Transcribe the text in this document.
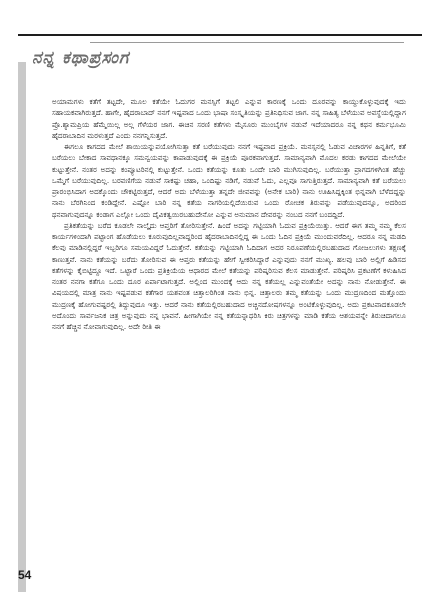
ನನ್ನ ಕಥಾಪ್ರಸಂಗ

ಅಯಾಮಗಳು ಕತೆಗೆ ತಟ್ಟದೇ, ಮೂಲ ಕತೆಯೇ ಓದುಗರ ಮನಸ್ಸಿಗೆ ತಟ್ಟಲಿ ಎನ್ನುವ ಕಾರಣಕ್ಕೆ ಒಂದು ದೂರವನ್ನು ಕಾಯ್ದುಕೊಳ್ಳುವುದಕ್ಕೆ ಇದು ಸಹಾಯಕವಾಗಿರುತ್ತದೆ. ಹಾಗೇ, ಹೈದರಾಬಾದ್ ನನಗೆ ಇಷ್ಟವಾದ ಒಂದು ಭಾಷಾ ಸಂಸ್ಕೃತಿಯನ್ನು ಪ್ರತಿನಿಧಿಸುವ ಜಾಗ. ನನ್ನ ಸಾಹಿತ್ಯ ಬೆಳೆಯುವ ಅವಸ್ಥೆಯಲ್ಲಿದ್ದಾಗ ಪ್ರೊ.ಶ್ಯಾಮಪ್ರಿಯ ಹೆಮ್ಮೆಯಿಲ್ಲ ಅಲ್ಲ ಗೆಳೆಯರ ಜಾಗ. ಈಚಿನ ಸರಣಿ ಕತೆಗಳು ಮೈಸೂರು ಮುಂಬೈಗಳ ನಡುವೆ ಇದೆಯಾದರೂ ನನ್ನ ಕಥನ ಕರ್ಮಭೂಮಿ ಹೈದರಾಬಾದಿನ ಮರಳುತ್ತದೆ ಎಂದು ನನಗನ್ನಿಸುತ್ತದೆ.

ಈಗಲೂ ಕಾಗದದ ಮೇಲೆ ಶಾಯಿಯನ್ನುಪಯೋಗಿಸುತ್ತಾ ಕತೆ ಬರೆಯುವುದು ನನಗೆ ಇಷ್ಟವಾದ ಪ್ರಕ್ರಿಯೆ. ಮನಸ್ಸನಲ್ಲಿ ಓಡುವ ವಿಚಾರಗಳ ಹಿನ್ನತಿಗೆ, ಕತೆ ಬರೆಯಲು ಬೇಕಾದ ಸಾವಧಾನಕ್ಕೂ ಸಮನ್ವಯವನ್ನು ಕಾಪಾಡುವುದಕ್ಕೆ ಈ ಪ್ರಕ್ರಿಯೆ ಪೂರಕವಾಗುತ್ತದೆ. ಸಾಮಾನ್ಯವಾಗಿ ಮೊದಲ ಕರಡು ಕಾಗದದ ಮೇಲೆಯೇ ಕುಟ್ಟುತ್ತೇನೆ. ನಂತರ ಅದನ್ನು ಕಂಪ್ಯೂಟರಿನಲ್ಲಿ ಕುಟ್ಟುತ್ತೇನೆ. ಒಂದು ಕತೆಯನ್ನು ಕೂತು ಒಂದೇ ಬಾರಿ ಮುಗಿಸುವುದಿಲ್ಲ. ಬರೆಯುತ್ತಾ ಪ್ರಾಗದಗಳಿಗಿಂತ ಹೆಚ್ಚು ಒಮ್ಮೆಗೆ ಬರೆಯುವುದಿಲ್ಲ. ಬರವಣಿಗೆಯ ನಡುವೆ ಸಾಕಷ್ಟು ಚಹಾ, ಒಂದಿಷ್ಟು ನಡಿಗೆ, ನಡುವೆ ಓದು, ಎಲ್ಲವೂ ಸಾಗುತ್ತಿರುತ್ತದೆ. ಸಾಮಾನ್ಯವಾಗಿ ಕತೆ ಬರೆಯಲು ಪ್ರಾರಂಭಿಸಿದಾಗ ಅದಕ್ಕೊಂದು ಚೌಕಟ್ಟಿರುತ್ತದೆ, ಆದರೆ ಅದು ಬೆಳೆಯುತ್ತಾ ತನ್ನದೇ ಜೀವವನ್ನು (ಅನೇಕ ಬಾರಿ) ನಾನು ಊಹಿಸಿದ್ದಕ್ಕಿಂತ ಭಿನ್ನವಾಗಿ ಬೆಳೆದದ್ದನ್ನು ನಾನು ಬೆರಗಿನಿಂದ ಕಂಡಿದ್ದೇನೆ. ಎಷ್ಟೋ ಬಾರಿ ನನ್ನ ಕತೆಯ ನಾಗರಿಯಲ್ಲಿದೆಯಿರುವ ಒಂದು ರೋಚಕ ತಿರುವನ್ನು ಪಡೆಯುವುದನ್ನೂ, ಅದರಿಂದ ಥನವಾಗುವುದನ್ನೂ ಕಂಡಾಗ ಎಲ್ಲೋ ಒಂದು ದೈವಿಕತ್ವಯಿರಬಹುದೇನೋ ಎನ್ನುವ ಅನುಮಾನ ದೇವರನ್ನು ನಂಬದ ನನಗೆ ಬಂದದ್ದಿದೆ.

ಪ್ರತಿಕತೆಯನ್ನು ಬರೆದ ಕೂಡಲೇ ನಾಲ್ಕೈದು ಆಪ್ತರಿಗೆ ತೋರಿಸುತ್ತೇನೆ. ಹಿಂದೆ ಅದನ್ನು ಗಟ್ಟಿಯಾಗಿ ಓದುವ ಪ್ರಕ್ರಿಯೆಯಿತ್ತು. ಆದರೆ ಈಗ ತಮ್ಮ ನಮ್ಮ ಕೆಲಸ ಕಾರ್ಯಗಳಿಂದಾಗಿ ಪಟ್ಟಾಂಗ ಹೊಡೆಯಲು ಕೂರುವುದಿಲ್ಲವಾದ್ದರಿಂದ ಹೈದರಾಬಾದಿನಲ್ಲಿದ್ದ ಈ ಒಂದು ಓದಿನ ಪ್ರಕ್ರಿಯೆ ಮುಂದುವರೆದಿಲ್ಲ. ಆದರೂ ನನ್ನ ಮಡದಿ ಕೆಲವು ಮಾಡಿನಲ್ಲಿದ್ದರೆ ಇಬ್ಬರಿಗೂ ಸಮಯವಿದ್ದರೆ ಓದುತ್ತೇನೆ. ಕತೆಯನ್ನು ಗಟ್ಟಿಯಾಗಿ ಓದಿದಾಗ ಅದರ ನಿರೂಪಣೆಯಲ್ಲಿರಬಹುದಾದ ಗೋಜಲುಗಳು ತಕ್ಷಣಕ್ಕೆ ಕಾಣುತ್ತವೆ. ನಾನು ಕತೆಯನ್ನು ಬರೆದು ತೋರಿಸುವ ಈ ಆಪ್ತರು ಕತೆಯನ್ನು ಹೇಗೆ ಸ್ವೀಕರಿಸಿದ್ದಾರೆ ಎನ್ನುವುದು ನನಗೆ ಮುಖ್ಯ. ಹಲವು ಬಾರಿ ಅಲ್ಲಿಗೆ ಹಿಡಿಸದ ಕತೆಗಳನ್ನು ಕೈಬಿಟ್ಟಿದ್ದೂ ಇದೆ. ಒಟ್ಟಾರೆ ಒಂದು ಪ್ರತಿಕ್ರಿಯೆಯ ಆಧಾರದ ಮೇಲೆ ಕತೆಯನ್ನು ಪರಿಷ್ಕರಿಸುವ ಕೆಲಸ ಮಾಡುತ್ತೇನೆ. ಪರಿಷ್ಕರಿಸಿ ಪ್ರಕಟಣೆಗೆ ಕಳುಹಿಸಿದ ನಂತರ ನನಗಾ ಕತೆಗೂ ಒಂದು ದೂರ ಏರ್ಪಾಟಾಗುತ್ತದೆ. ಅಲ್ಲಿಂದ ಮುಂದಕ್ಕೆ ಆದು ನನ್ನ ಕತೆಯಲ್ಲ ಎನ್ನುವಂತೆಯೇ ಅದನ್ನು ನಾನು ನೋಡುತ್ತೇನೆ. ಈ ವಿಷಯದಲ್ಲಿ ಮಾತ್ರ ನಾನು ಇಷ್ಟಪಡುವ ಕತೆಗಾರ ಯಶವಂತ ಚಿತ್ತಾಲರಿಗಿಂತ ನಾನು ಭಿನ್ನ. ಚಿತ್ತಾಲರು ತಮ್ಮ ಕತೆಯನ್ನು ಒಂದು ಮುದ್ರಣದಿಂದ ಮತ್ತೊಂದು ಮುದ್ರಣಕ್ಕೆ ಹೋಗುವಷ್ಟರಲ್ಲಿ ತಿದ್ದುವುದೂ ಇತ್ತು. ಆದರೆ ನಾನು ಕತೆಯಲ್ಲಿರಬಹುದಾದ ಅಚ್ಚಿನದೋಷಗಳನ್ನೂ ಅಂಟಿಕೊಳ್ಳುವುದಿಲ್ಲ. ಅದು ಪ್ರಕಟವಾದಕೂಡಲೇ ಅದೊಂದು ಸಾರ್ವಜನಿಕ ಚಿತ್ರ ಅನ್ನುವುದು ನನ್ನ ಭಾವನೆ. ಹೀಗಾಗಿಯೇ ನನ್ನ ಕತೆಯನ್ನಾಧರಿಸಿ ಕಿರು ಚಿತ್ರಗಳನ್ನು ಮಾಡಿ ಕತೆಯ ಆಶಯವನ್ನೇ ತಿರುಚಿದಾಗಲೂ ನನಗೆ ಹೆಚ್ಚಿನ ನೋವಾಗುವುದಿಲ್ಲ. ಅದೇ ರೀತಿ ಈ

54
